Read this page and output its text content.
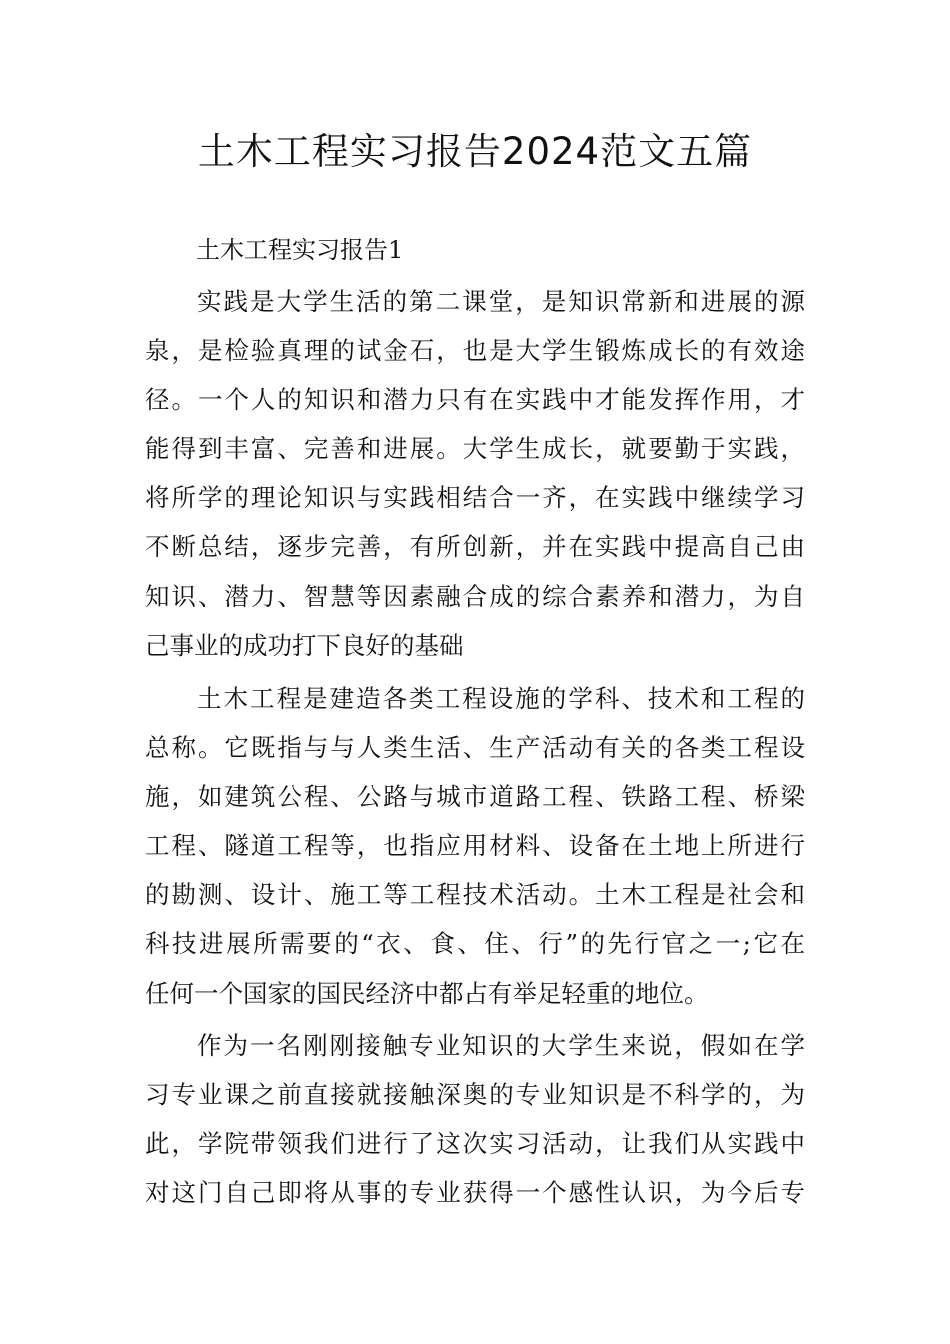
土木工程实习报告2024范文五篇

土木工程实习报告1

实践是大学生活的第二课堂，是知识常新和进展的源
泉，是检验真理的试金石，也是大学生锻炼成长的有效途
径。一个人的知识和潜力只有在实践中才能发挥作用，才
能得到丰富、完善和进展。大学生成长，就要勤于实践，
将所学的理论知识与实践相结合一齐，在实践中继续学习
不断总结，逐步完善，有所创新，并在实践中提高自己由
知识、潜力、智慧等因素融合成的综合素养和潜力，为自
己事业的成功打下良好的基础

土木工程是建造各类工程设施的学科、技术和工程的
总称。它既指与与人类生活、生产活动有关的各类工程设
施，如建筑公程、公路与城市道路工程、铁路工程、桥梁
工程、隧道工程等，也指应用材料、设备在土地上所进行
的勘测、设计、施工等工程技术活动。土木工程是社会和
科技进展所需要的“衣、食、住、行”的先行官之一;它在
任何一个国家的国民经济中都占有举足轻重的地位。

作为一名刚刚接触专业知识的大学生来说，假如在学
习专业课之前直接就接触深奥的专业知识是不科学的，为
此，学院带领我们进行了这次实习活动，让我们从实践中
对这门自己即将从事的专业获得一个感性认识，为今后专
